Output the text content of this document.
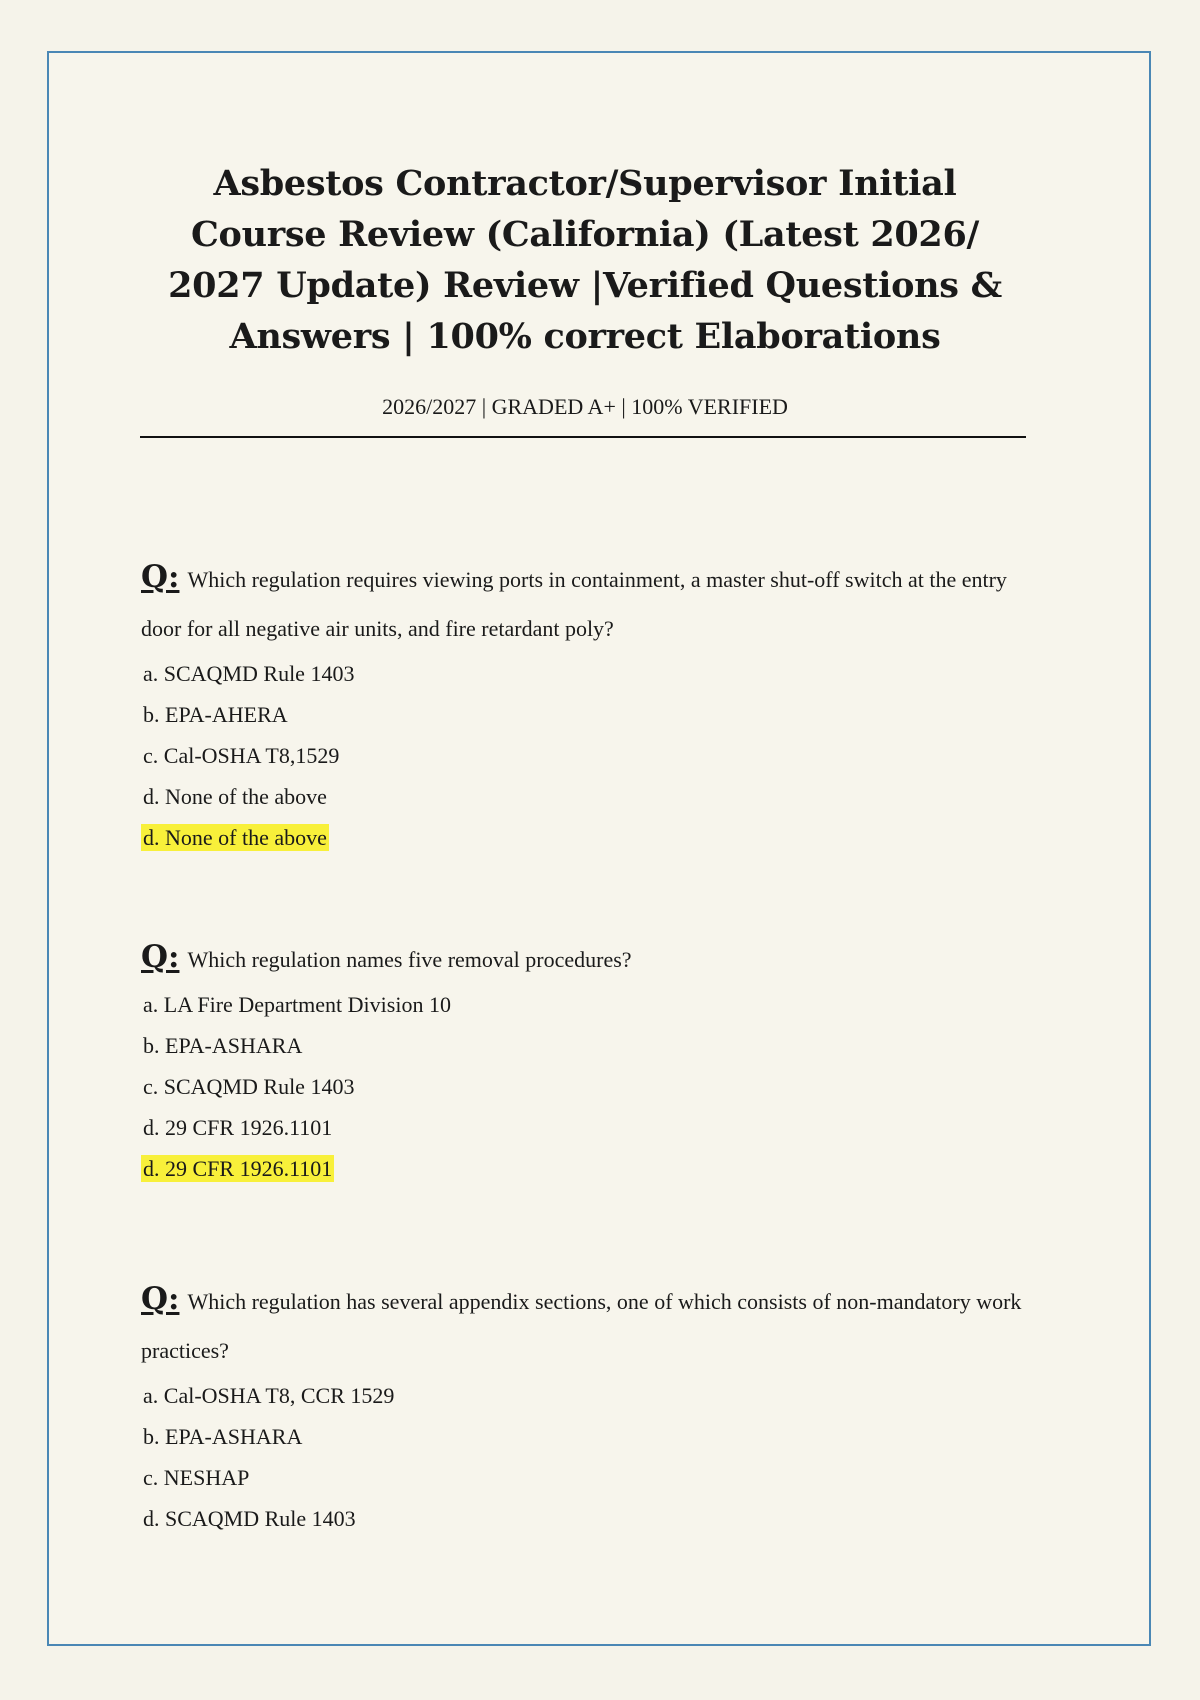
Asbestos Contractor/Supervisor Initial Course Review (California) (Latest 2026/ 2027 Update) Review |Verified Questions & Answers | 100% correct Elaborations
2026/2027 | GRADED A+ | 100% VERIFIED

Q: Which regulation requires viewing ports in containment, a master shut-off switch at the entry door for all negative air units, and fire retardant poly?

a. SCAQMD Rule 1403
b. EPA-AHERA
c. Cal-OSHA T8,1529
d. None of the above
d. None of the above

Q: Which regulation names five removal procedures?

a. LA Fire Department Division 10
b. EPA-ASHARA
c. SCAQMD Rule 1403
d. 29 CFR 1926.1101
d. 29 CFR 1926.1101

Q: Which regulation has several appendix sections, one of which consists of non-mandatory work practices?

a. Cal-OSHA T8, CCR 1529
b. EPA-ASHARA
c. NESHAP
d. SCAQMD Rule 1403
